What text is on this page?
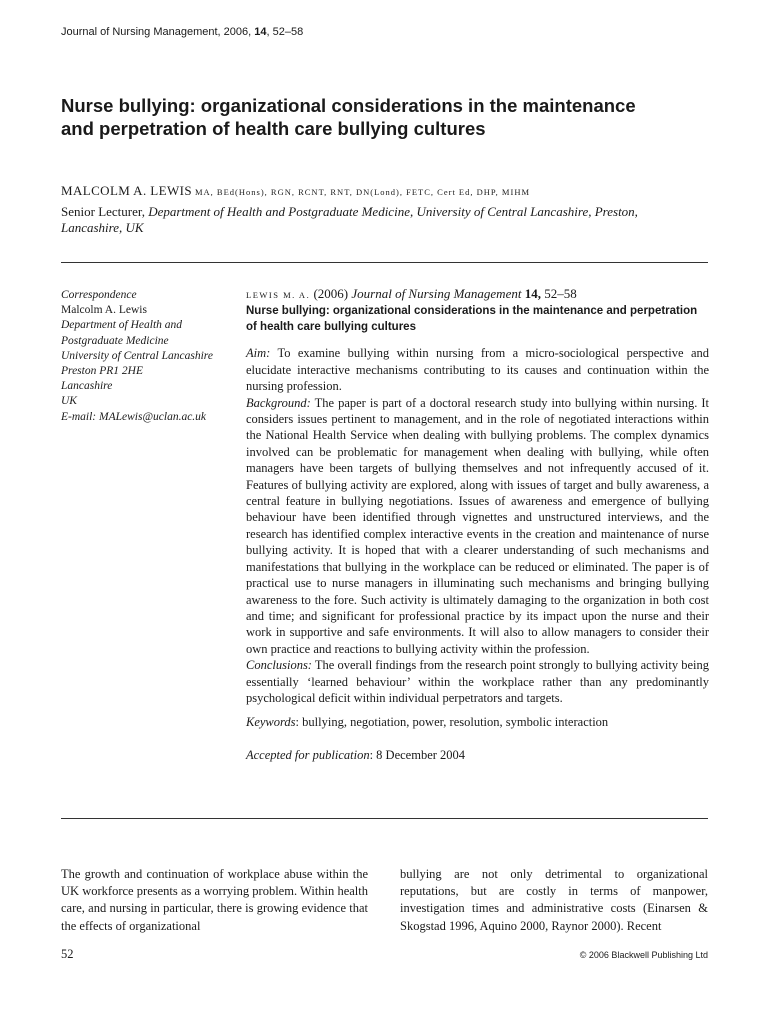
Journal of Nursing Management, 2006, 14, 52–58
Nurse bullying: organizational considerations in the maintenance
and perpetration of health care bullying cultures
MALCOLM A. LEWIS MA, BEd(Hons), RGN, RCNT, RNT, DN(Lond), FETC, Cert Ed, DHP, MIHM
Senior Lecturer, Department of Health and Postgraduate Medicine, University of Central Lancashire, Preston,
Lancashire, UK
Correspondence
Malcolm A. Lewis
Department of Health and
Postgraduate Medicine
University of Central Lancashire
Preston PR1 2HE
Lancashire
UK
E-mail: MALewis@uclan.ac.uk
LEWIS M. A. (2006) Journal of Nursing Management 14, 52–58
Nurse bullying: organizational considerations in the maintenance and perpetration of health care bullying cultures
Aim: To examine bullying within nursing from a micro-sociological perspective and elucidate interactive mechanisms contributing to its causes and continuation within the nursing profession.
Background: The paper is part of a doctoral research study into bullying within nursing. It considers issues pertinent to management, and in the role of negotiated interactions within the National Health Service when dealing with bullying problems. The complex dynamics involved can be problematic for management when dealing with bullying, while often managers have been targets of bullying themselves and not infrequently accused of it. Features of bullying activity are explored, along with issues of target and bully awareness, a central feature in bullying negotiations. Issues of awareness and emergence of bullying behaviour have been identified through vignettes and unstructured interviews, and the research has identified complex interactive events in the creation and maintenance of nurse bullying activity. It is hoped that with a clearer understanding of such mechanisms and manifestations that bullying in the workplace can be reduced or eliminated. The paper is of practical use to nurse managers in illuminating such mechanisms and bringing bullying awareness to the fore. Such activity is ultimately damaging to the organization in both cost and time; and significant for professional practice by its impact upon the nurse and their work in supportive and safe environments. It will also to allow managers to consider their own practice and reactions to bullying activity within the profession.
Conclusions: The overall findings from the research point strongly to bullying activity being essentially ‘learned behaviour’ within the workplace rather than any predominantly psychological deficit within individual perpetrators and targets.
Keywords: bullying, negotiation, power, resolution, symbolic interaction
Accepted for publication: 8 December 2004
The growth and continuation of workplace abuse within the UK workforce presents as a worrying problem. Within health care, and nursing in particular, there is growing evidence that the effects of organizational
bullying are not only detrimental to organizational reputations, but are costly in terms of manpower, investigation times and administrative costs (Einarsen & Skogstad 1996, Aquino 2000, Raynor 2000). Recent
52	© 2006 Blackwell Publishing Ltd
